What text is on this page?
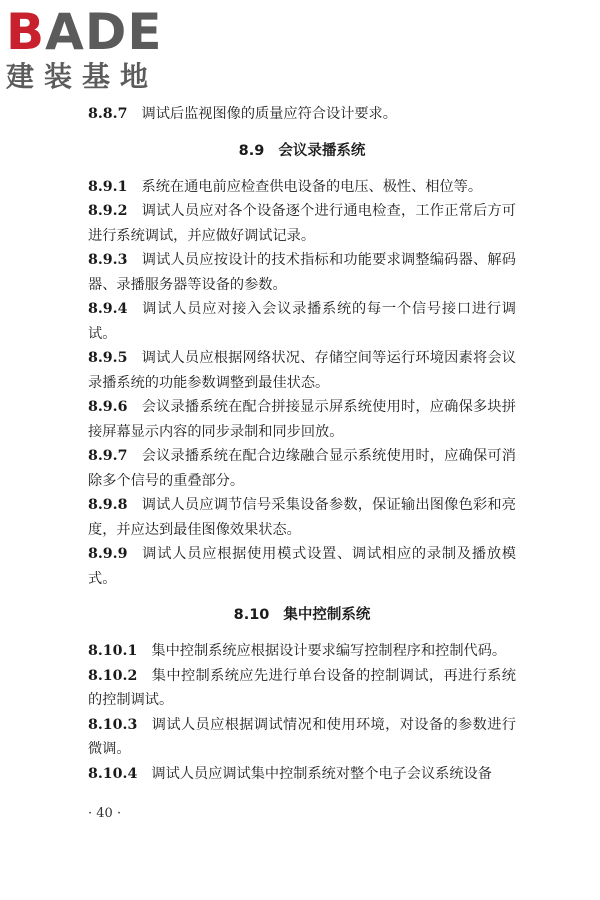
BADE
建装基地

8.8.7 调试后监视图像的质量应符合设计要求。

8.9 会议录播系统

8.9.1 系统在通电前应检查供电设备的电压、极性、相位等。

8.9.2 调试人员应对各个设备逐个进行通电检查，工作正常后方可进行系统调试，并应做好调试记录。

8.9.3 调试人员应按设计的技术指标和功能要求调整编码器、解码器、录播服务器等设备的参数。

8.9.4 调试人员应对接入会议录播系统的每一个信号接口进行调试。

8.9.5 调试人员应根据网络状况、存储空间等运行环境因素将会议录播系统的功能参数调整到最佳状态。

8.9.6 会议录播系统在配合拼接显示屏系统使用时，应确保多块拼接屏幕显示内容的同步录制和同步回放。

8.9.7 会议录播系统在配合边缘融合显示系统使用时，应确保可消除多个信号的重叠部分。

8.9.8 调试人员应调节信号采集设备参数，保证输出图像色彩和亮度，并应达到最佳图像效果状态。

8.9.9 调试人员应根据使用模式设置、调试相应的录制及播放模式。

8.10 集中控制系统

8.10.1 集中控制系统应根据设计要求编写控制程序和控制代码。

8.10.2 集中控制系统应先进行单台设备的控制调试，再进行系统的控制调试。

8.10.3 调试人员应根据调试情况和使用环境，对设备的参数进行微调。

8.10.4 调试人员应调试集中控制系统对整个电子会议系统设备

· 40 ·
